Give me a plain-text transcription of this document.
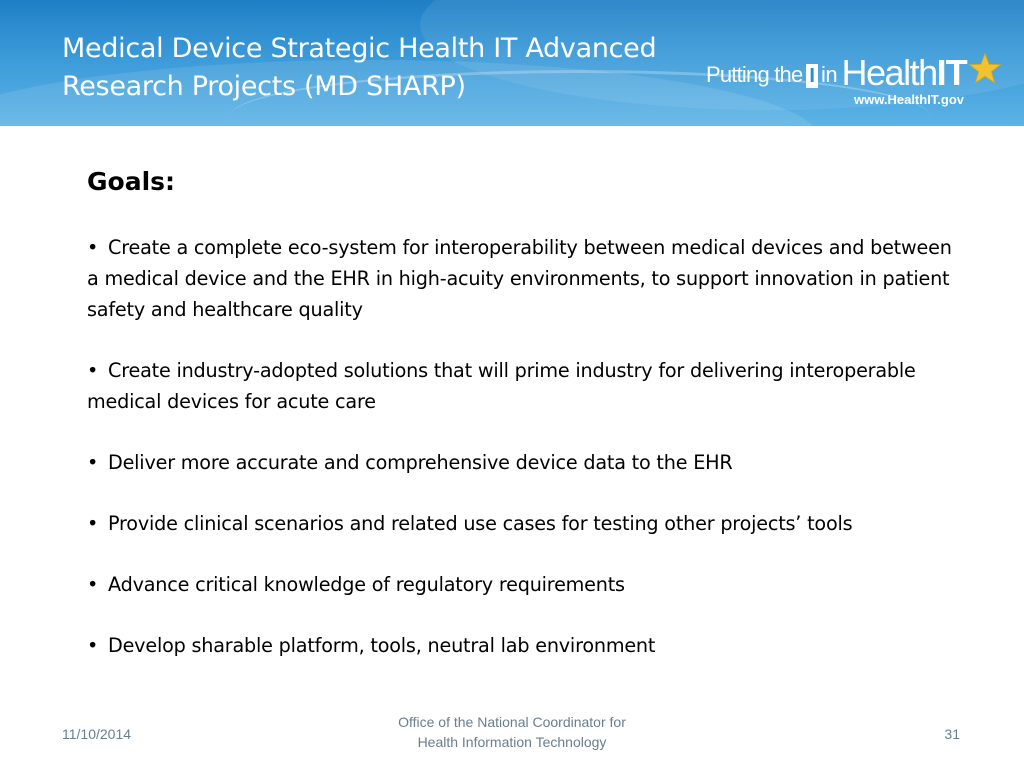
Medical Device Strategic Health IT Advanced Research Projects (MD SHARP)	Putting the I in HealthIT
www.HealthIT.gov
Goals:
• Create a complete eco-system for interoperability between medical devices and between a medical device and the EHR in high-acuity environments, to support innovation in patient safety and healthcare quality
• Create industry-adopted solutions that will prime industry for delivering interoperable medical devices for acute care
• Deliver more accurate and comprehensive device data to the EHR
• Provide clinical scenarios and related use cases for testing other projects’ tools
• Advance critical knowledge of regulatory requirements
• Develop sharable platform, tools, neutral lab environment
11/10/2014
Office of the National Coordinator for
Health Information Technology	31
